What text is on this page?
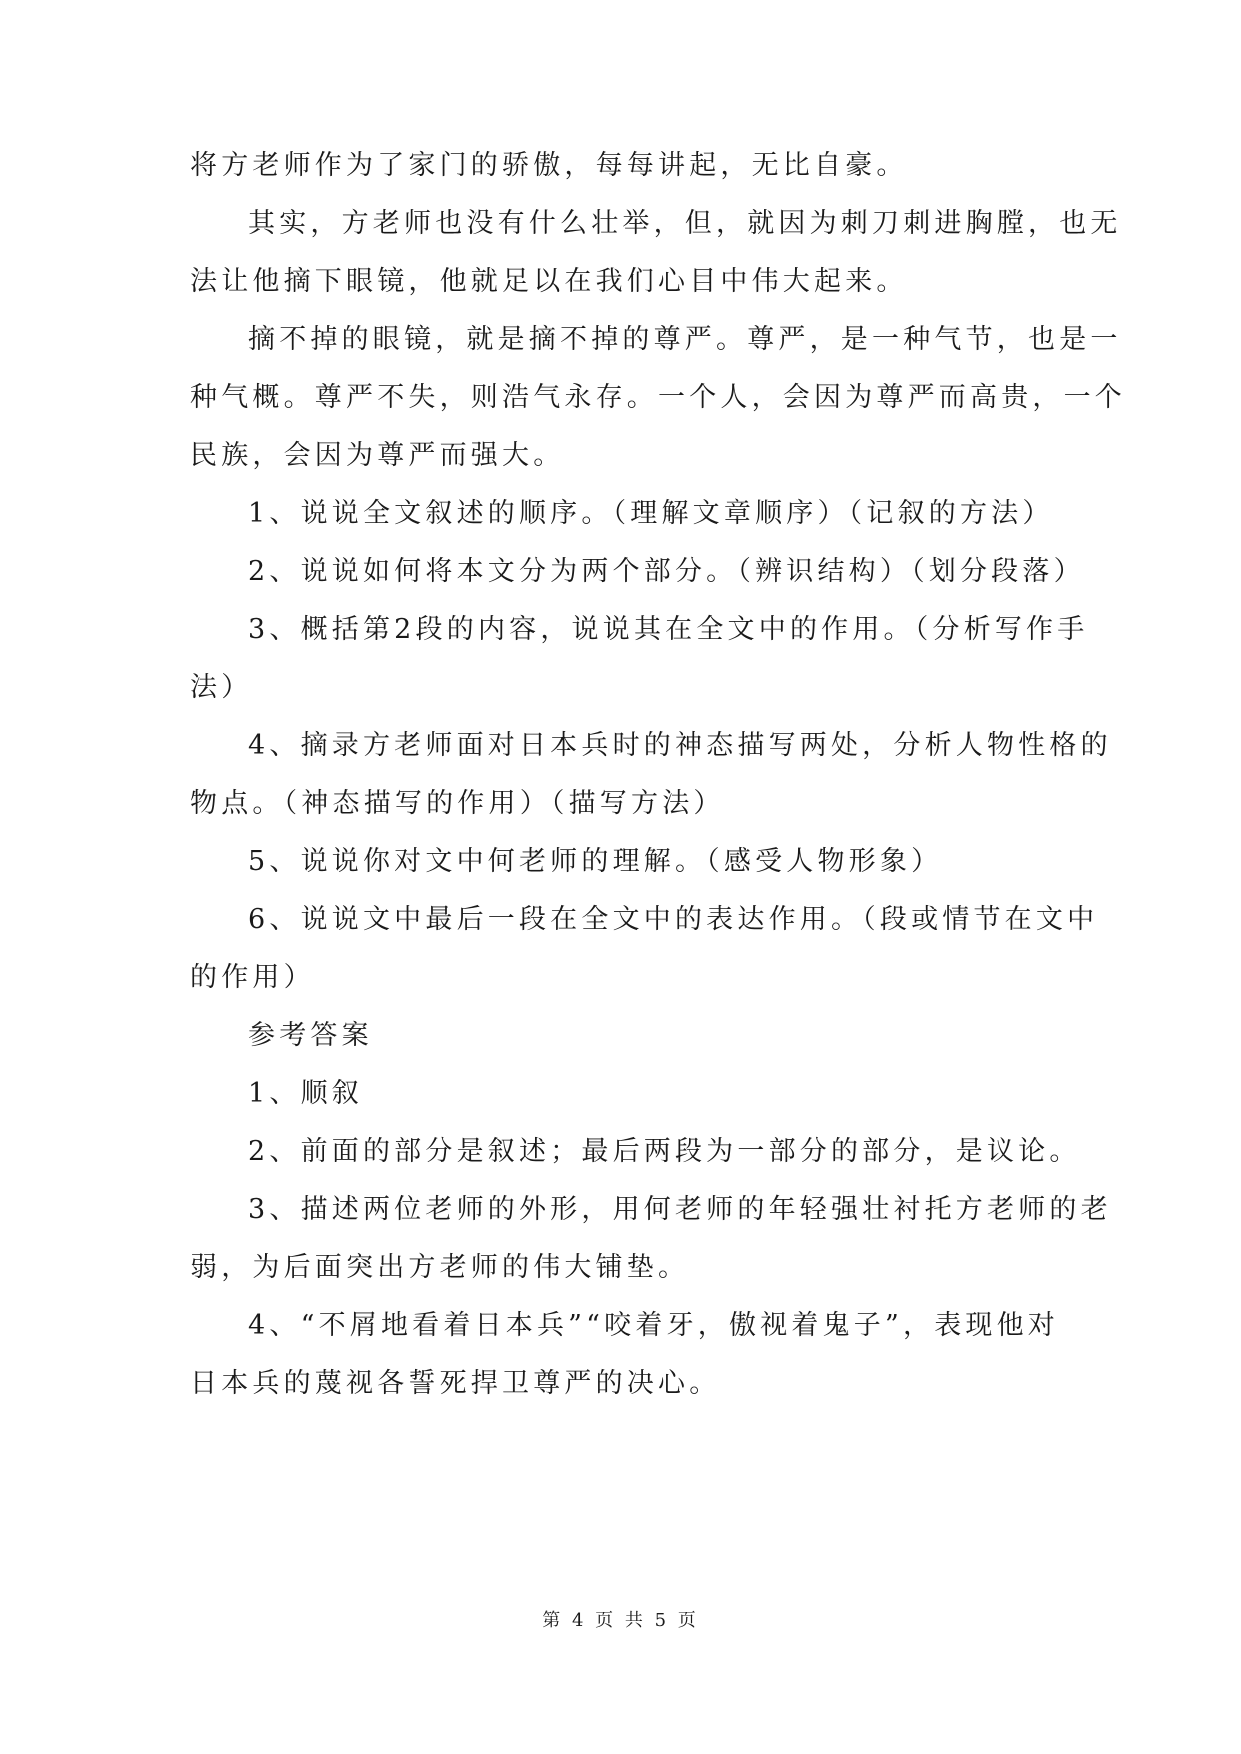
将方老师作为了家门的骄傲，每每讲起，无比自豪。

其实，方老师也没有什么壮举，但，就因为刺刀刺进胸膛，也无

法让他摘下眼镜，他就足以在我们心目中伟大起来。

摘不掉的眼镜，就是摘不掉的尊严。尊严，是一种气节，也是一

种气概。尊严不失，则浩气永存。一个人，会因为尊严而高贵，一个

民族，会因为尊严而强大。

1、说说全文叙述的顺序。（理解文章顺序）（记叙的方法）

2、说说如何将本文分为两个部分。（辨识结构）（划分段落）

3、概括第2段的内容，说说其在全文中的作用。（分析写作手

法）

4、摘录方老师面对日本兵时的神态描写两处，分析人物性格的

物点。（神态描写的作用）（描写方法）

5、说说你对文中何老师的理解。（感受人物形象）

6、说说文中最后一段在全文中的表达作用。（段或情节在文中

的作用）

参考答案

1、顺叙

2、前面的部分是叙述；最后两段为一部分的部分，是议论。

3、描述两位老师的外形，用何老师的年轻强壮衬托方老师的老

弱，为后面突出方老师的伟大铺垫。

4、“不屑地看着日本兵”“咬着牙，傲视着鬼子”，表现他对

日本兵的蔑视各誓死捍卫尊严的决心。

第 4 页 共 5 页
